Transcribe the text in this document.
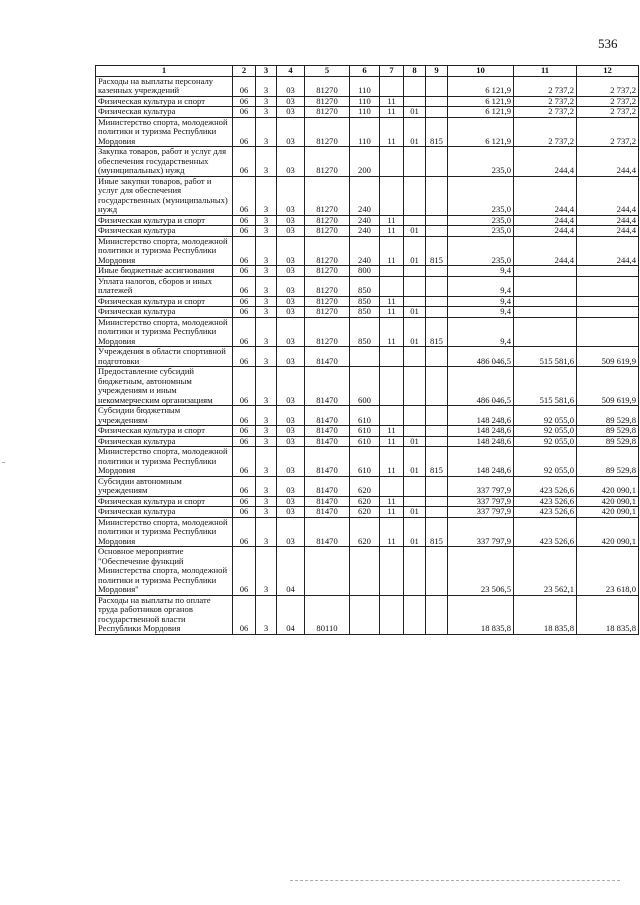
536
1	2	3	4	5	6	7	8	9	10	11	12
Расходы на выплаты персоналу казенных учреждений	06	3	03	81270	110				6 121,9	2 737,2	2 737,2
Физическая культура и спорт	06	3	03	81270	110	11			6 121,9	2 737,2	2 737,2
Физическая культура	06	3	03	81270	110	11	01		6 121,9	2 737,2	2 737,2
Министерство спорта, молодежной политики и туризма Республики Мордовия	06	3	03	81270	110	11	01	815	6 121,9	2 737,2	2 737,2
Закупка товаров, работ и услуг для обеспечения государственных (муниципальных) нужд	06	3	03	81270	200				235,0	244,4	244,4
Иные закупки товаров, работ и услуг для обеспечения государственных (муниципальных) нужд	06	3	03	81270	240				235,0	244,4	244,4
Физическая культура и спорт	06	3	03	81270	240	11			235,0	244,4	244,4
Физическая культура	06	3	03	81270	240	11	01		235,0	244,4	244,4
Министерство спорта, молодежной политики и туризма Республики Мордовия	06	3	03	81270	240	11	01	815	235,0	244,4	244,4
Иные бюджетные ассигнования	06	3	03	81270	800				9,4		
Уплата налогов, сборов и иных платежей	06	3	03	81270	850				9,4		
Физическая культура и спорт	06	3	03	81270	850	11			9,4		
Физическая культура	06	3	03	81270	850	11	01		9,4		
Министерство спорта, молодежной политики и туризма Республики Мордовия	06	3	03	81270	850	11	01	815	9,4		
Учреждения в области спортивной подготовки	06	3	03	81470					486 046,5	515 581,6	509 619,9
Предоставление субсидий бюджетным, автономным учреждениям и иным некоммерческим организациям	06	3	03	81470	600				486 046,5	515 581,6	509 619,9
Субсидии бюджетным учреждениям	06	3	03	81470	610				148 248,6	92 055,0	89 529,8
Физическая культура и спорт	06	3	03	81470	610	11			148 248,6	92 055,0	89 529,8
Физическая культура	06	3	03	81470	610	11	01		148 248,6	92 055,0	89 529,8
Министерство спорта, молодежной политики и туризма Республики Мордовия	06	3	03	81470	610	11	01	815	148 248,6	92 055,0	89 529,8
Субсидии автономным учреждениям	06	3	03	81470	620				337 797,9	423 526,6	420 090,1
Физическая культура и спорт	06	3	03	81470	620	11			337 797,9	423 526,6	420 090,1
Физическая культура	06	3	03	81470	620	11	01		337 797,9	423 526,6	420 090,1
Министерство спорта, молодежной политики и туризма Республики Мордовия	06	3	03	81470	620	11	01	815	337 797,9	423 526,6	420 090,1
Основное мероприятие "Обеспечение функций Министерства спорта, молодежной политики и туризма Республики Мордовия"	06	3	04						23 506,5	23 562,1	23 618,0
Расходы на выплаты по оплате труда работников органов государственной власти Республики Мордовия	06	3	04	80110					18 835,8	18 835,8	18 835,8
